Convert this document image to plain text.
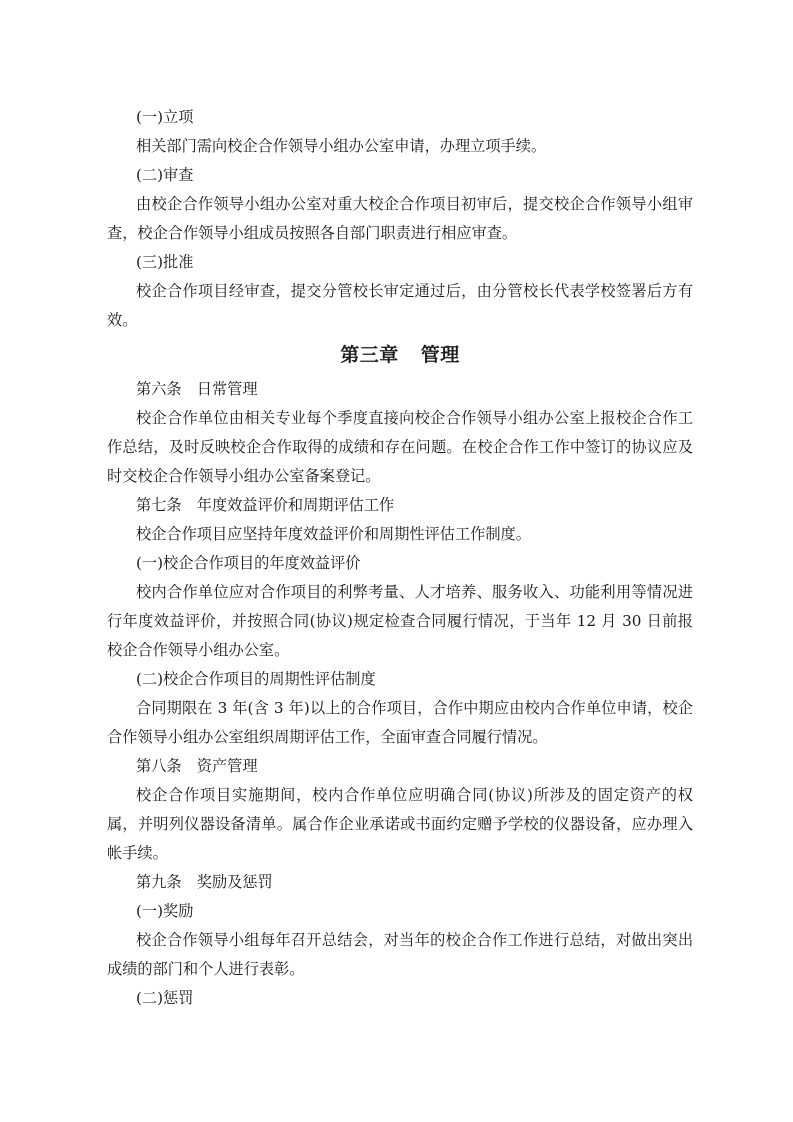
(一)立项

相关部门需向校企合作领导小组办公室申请，办理立项手续。

(二)审查

由校企合作领导小组办公室对重大校企合作项目初审后，提交校企合作领导小组审查，校企合作领导小组成员按照各自部门职责进行相应审查。

(三)批准

校企合作项目经审查，提交分管校长审定通过后，由分管校长代表学校签署后方有效。

第三章 管理

第六条　日常管理

校企合作单位由相关专业每个季度直接向校企合作领导小组办公室上报校企合作工作总结，及时反映校企合作取得的成绩和存在问题。在校企合作工作中签订的协议应及时交校企合作领导小组办公室备案登记。

第七条　年度效益评价和周期评估工作

校企合作项目应坚持年度效益评价和周期性评估工作制度。

(一)校企合作项目的年度效益评价

校内合作单位应对合作项目的利弊考量、人才培养、服务收入、功能利用等情况进行年度效益评价，并按照合同(协议)规定检查合同履行情况，于当年 12 月 30 日前报校企合作领导小组办公室。

(二)校企合作项目的周期性评估制度

合同期限在 3 年(含 3 年)以上的合作项目，合作中期应由校内合作单位申请，校企合作领导小组办公室组织周期评估工作，全面审查合同履行情况。

第八条　资产管理

校企合作项目实施期间，校内合作单位应明确合同(协议)所涉及的固定资产的权属，并明列仪器设备清单。属合作企业承诺或书面约定赠予学校的仪器设备，应办理入帐手续。

第九条　奖励及惩罚

(一)奖励

校企合作领导小组每年召开总结会，对当年的校企合作工作进行总结，对做出突出成绩的部门和个人进行表彰。

(二)惩罚
